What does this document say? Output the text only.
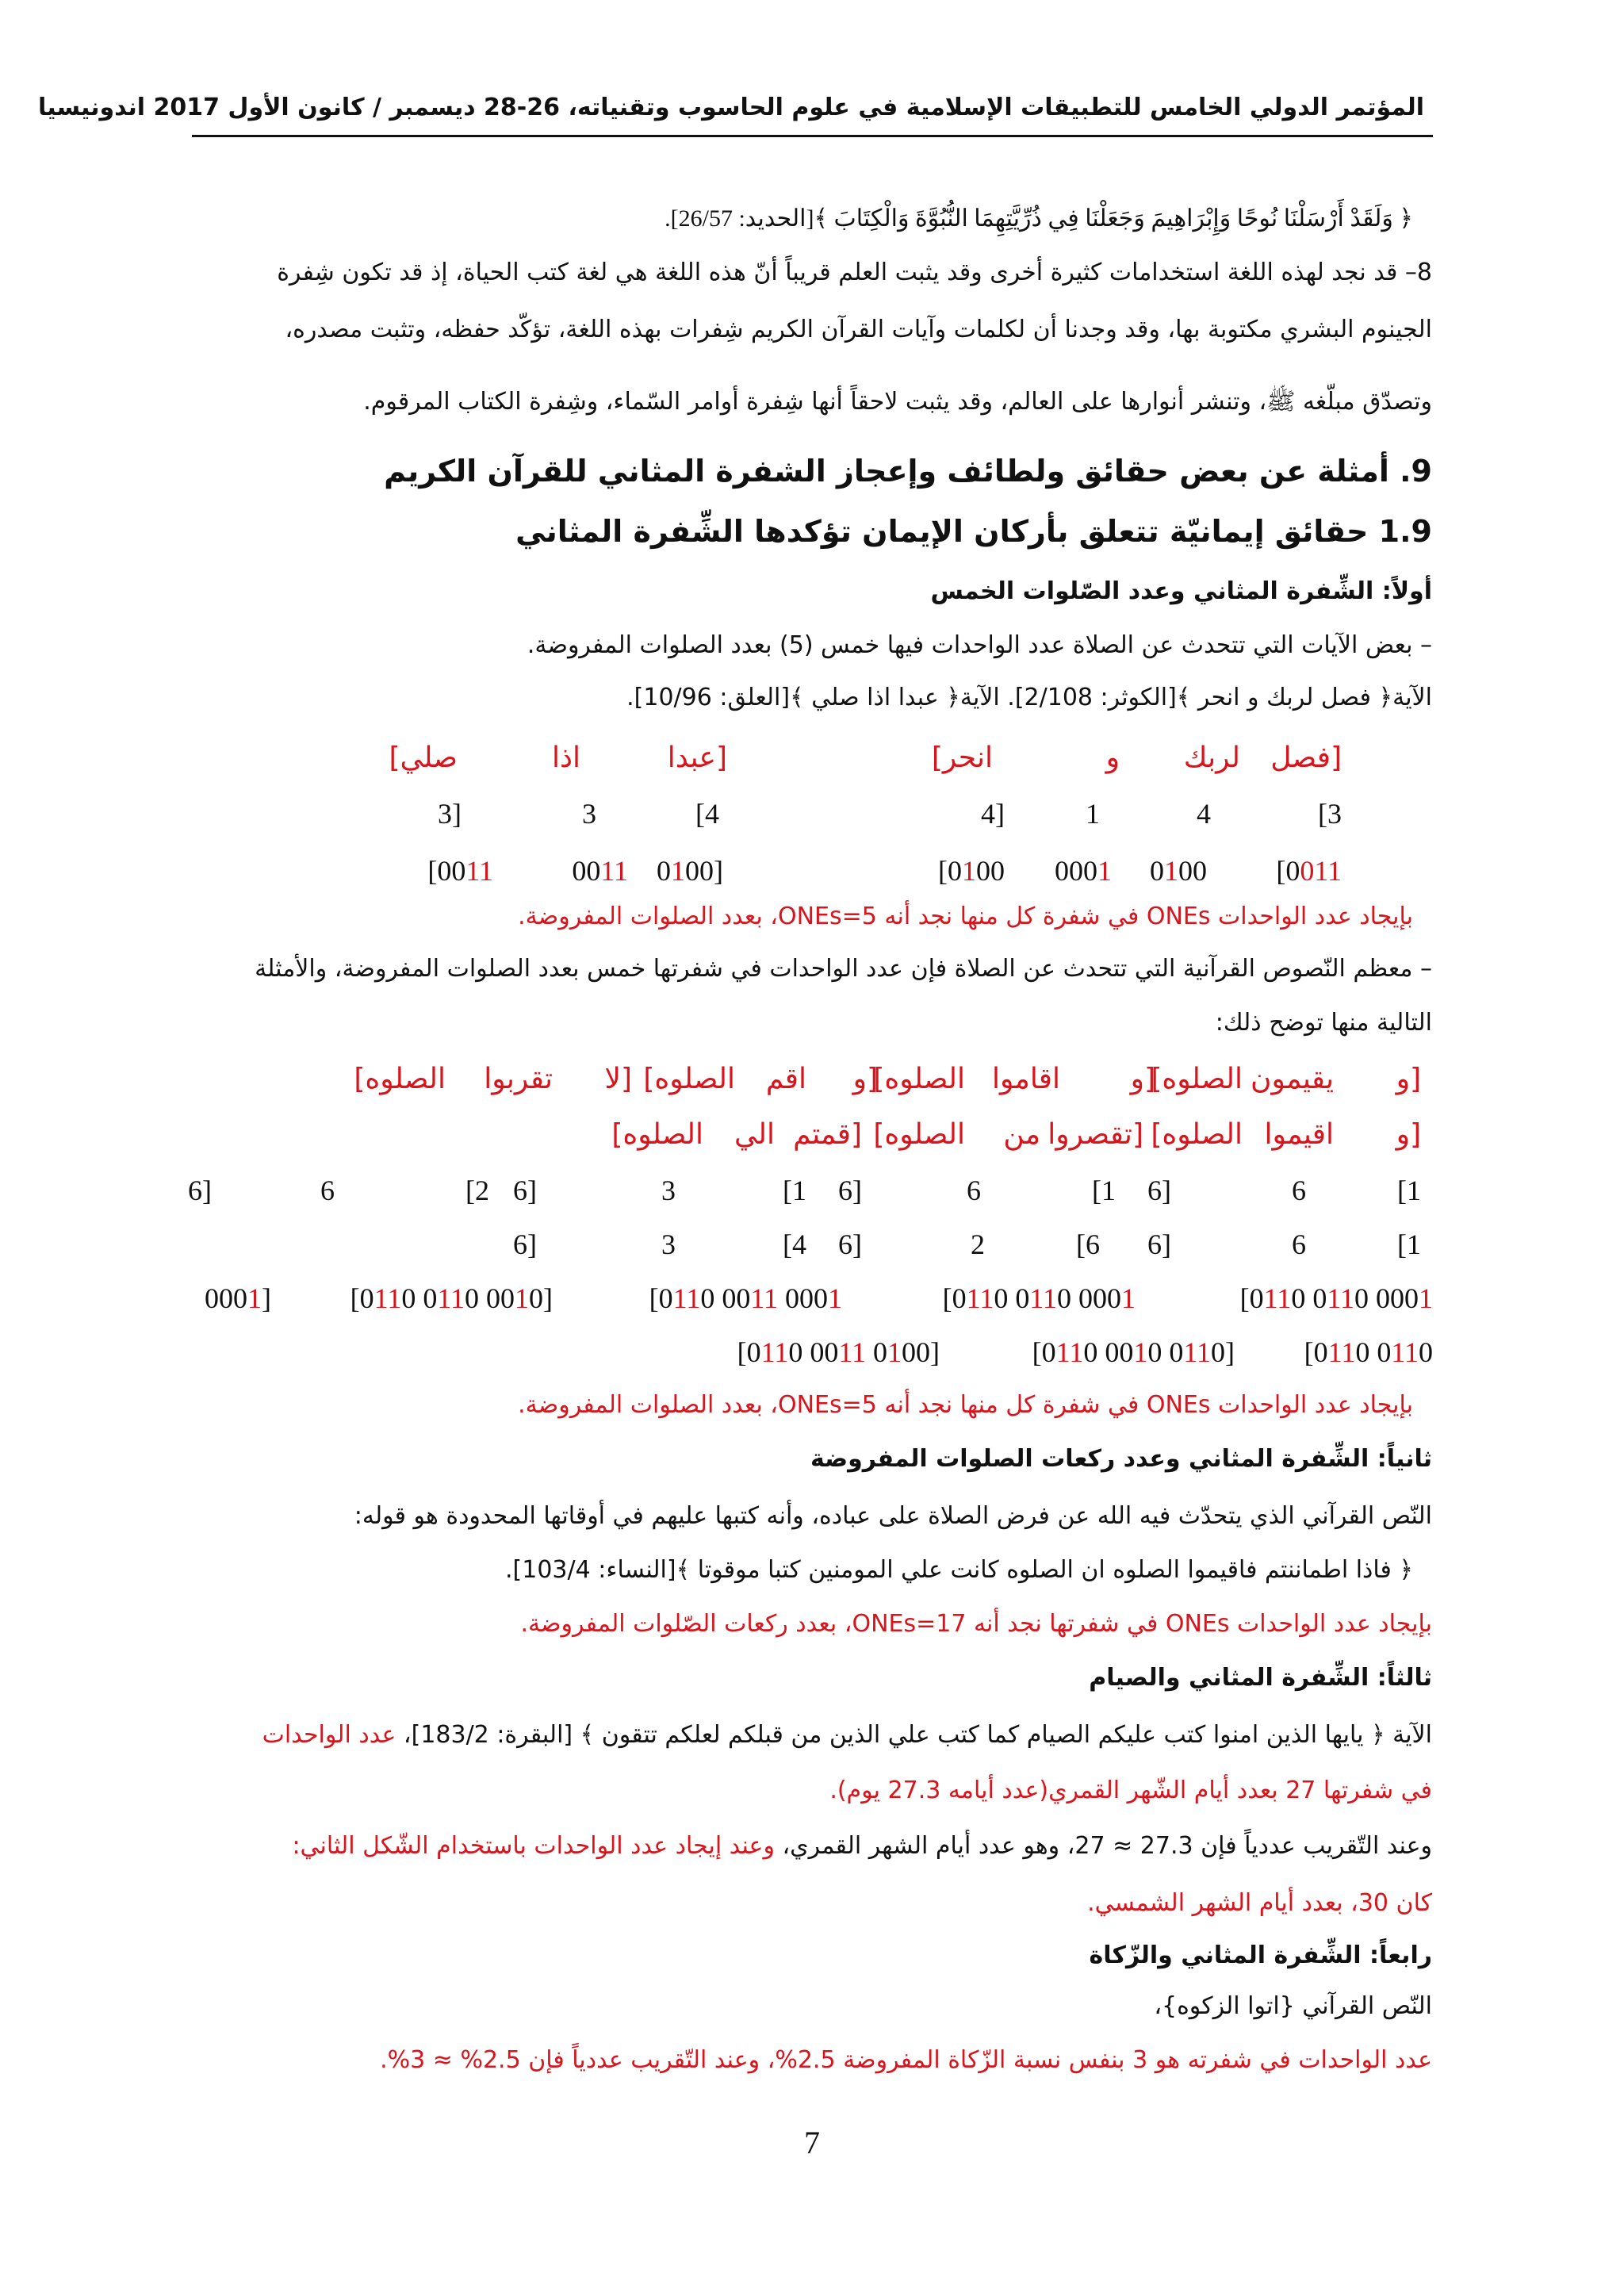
المؤتمر الدولي الخامس للتطبيقات الإسلامية في علوم الحاسوب وتقنياته، 26-28 ديسمبر / كانون الأول 2017 اندونيسيا
﴿ وَلَقَدْ أَرْسَلْنَا نُوحًا وَإِبْرَاهِيمَ وَجَعَلْنَا فِي ذُرِّيَّتِهِمَا النُّبُوَّةَ وَالْكِتَابَ ﴾[الحديد: 26/57].
8– قد نجد لهذه اللغة استخدامات كثيرة أخرى وقد يثبت العلم قريباً أنّ هذه اللغة هي لغة كتب الحياة، إذ قد تكون شِفرة
الجينوم البشري مكتوبة بها، وقد وجدنا أن لكلمات وآيات القرآن الكريم شِفرات بهذه اللغة، تؤكّد حفظه، وتثبت مصدره،
وتصدّق مبلّغه ﷺ، وتنشر أنوارها على العالم، وقد يثبت لاحقاً أنها شِفرة أوامر السّماء، وشِفرة الكتاب المرقوم.
9. أمثلة عن بعض حقائق ولطائف وإعجاز الشفرة المثاني للقرآن الكريم
1.9 حقائق إيمانيّة تتعلق بأركان الإيمان تؤكدها الشِّفرة المثاني
أولاً: الشِّفرة المثاني وعدد الصّلوات الخمس
– بعض الآيات التي تتحدث عن الصلاة عدد الواحدات فيها خمس (5) بعدد الصلوات المفروضة.
الآية﴿ فصل لربك و انحر ﴾[الكوثر: 2/108]. الآية﴿ عبدا اذا صلي ﴾[العلق: 10/96].
[فصل
لربك
و
انحر]
[عبدا
اذا
صلي]
3]
4
1
[4
4]
3
[3
[0011
0100
0001
[0100
0100]
0011
[0011
بإيجاد عدد الواحدات ONEs في شفرة كل منها نجد أنه ONEs=5، بعدد الصلوات المفروضة.
– معظم النّصوص القرآنية التي تتحدث عن الصلاة فإن عدد الواحدات في شفرتها خمس بعدد الصلوات المفروضة، والأمثلة
التالية منها توضح ذلك:
[و
يقيمون
الصلوه]
[و
اقاموا
الصلوه]
[و
اقم
الصلوه]
[لا
تقربوا
الصلوه]
[و
اقيموا
الصلوه]
[تقصروا
من
الصلوه]
[قمتم
الي
الصلوه]
1]
6
[6
1]
6
[6
1]
3
[6
2]
6
[6
1]
6
[6
6]
2
[6
4]
3
[6
[0110 0110 0001
[0110 0110 0001
[0110 0011 0001
[0110 0110 0010]
0001]
[0110 0110
[0110 0010 0110]
[0110 0011 0100]
بإيجاد عدد الواحدات ONEs في شفرة كل منها نجد أنه ONEs=5، بعدد الصلوات المفروضة.
ثانياً: الشِّفرة المثاني وعدد ركعات الصلوات المفروضة
النّص القرآني الذي يتحدّث فيه الله عن فرض الصلاة على عباده، وأنه كتبها عليهم في أوقاتها المحدودة هو قوله:
﴿ فاذا اطماننتم فاقيموا الصلوه ان الصلوه كانت علي المومنين كتبا موقوتا ﴾[النساء: 103/4].
بإيجاد عدد الواحدات ONEs في شفرتها نجد أنه ONEs=17، بعدد ركعات الصّلوات المفروضة.
ثالثاً: الشِّفرة المثاني والصيام
الآية ﴿ يايها الذين امنوا كتب عليكم الصيام كما كتب علي الذين من قبلكم لعلكم تتقون ﴾ [البقرة: 183/2]، عدد الواحدات
في شفرتها 27 بعدد أيام الشّهر القمري(عدد أيامه 27.3 يوم).
وعند التّقريب عددياً فإن 27.3 ≈ 27، وهو عدد أيام الشهر القمري، وعند إيجاد عدد الواحدات باستخدام الشّكل الثاني:
كان 30، بعدد أيام الشهر الشمسي.
رابعاً: الشِّفرة المثاني والزّكاة
النّص القرآني {اتوا الزكوه}،
عدد الواحدات في شفرته هو 3 بنفس نسبة الزّكاة المفروضة 2.5%، وعند التّقريب عددياً فإن 2.5% ≈ 3%.
7
